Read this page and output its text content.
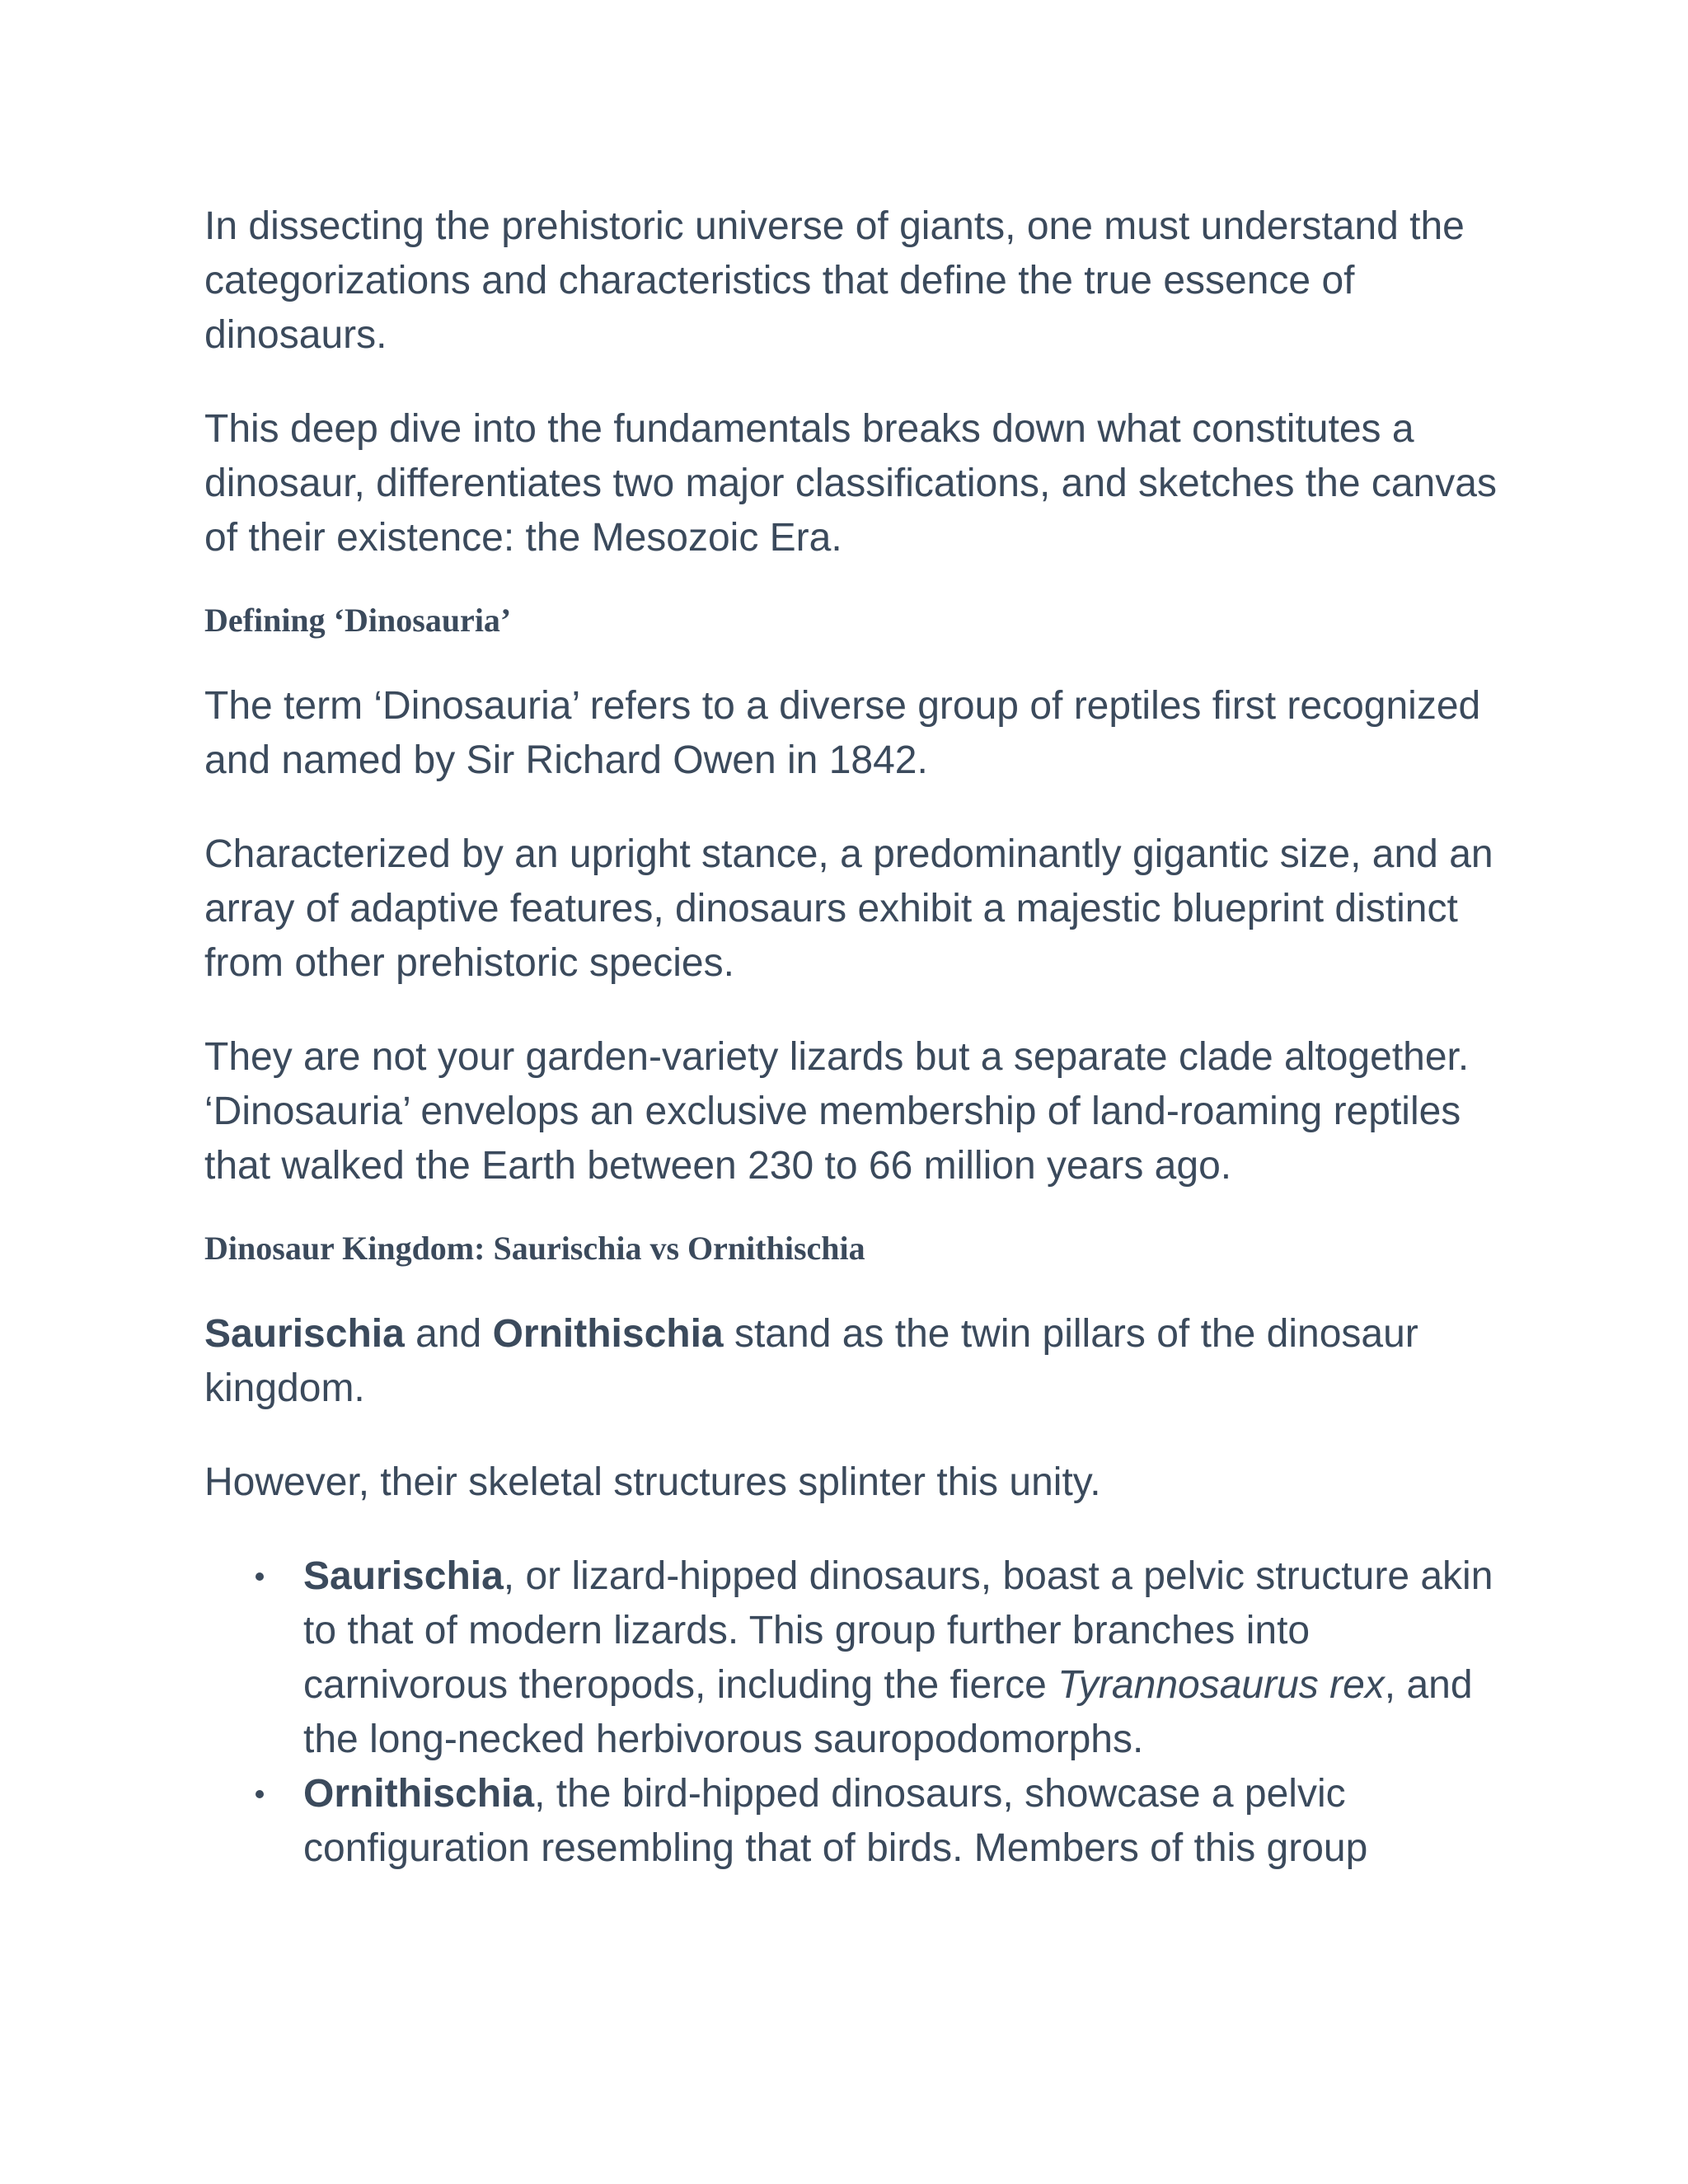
In dissecting the prehistoric universe of giants, one must understand the categorizations and characteristics that define the true essence of dinosaurs.

This deep dive into the fundamentals breaks down what constitutes a dinosaur, differentiates two major classifications, and sketches the canvas of their existence: the Mesozoic Era.

Defining ‘Dinosauria’

The term ‘Dinosauria’ refers to a diverse group of reptiles first recognized and named by Sir Richard Owen in 1842.

Characterized by an upright stance, a predominantly gigantic size, and an array of adaptive features, dinosaurs exhibit a majestic blueprint distinct from other prehistoric species.

They are not your garden-variety lizards but a separate clade altogether. ‘Dinosauria’ envelops an exclusive membership of land-roaming reptiles that walked the Earth between 230 to 66 million years ago.

Dinosaur Kingdom: Saurischia vs Ornithischia

Saurischia and Ornithischia stand as the twin pillars of the dinosaur kingdom.

However, their skeletal structures splinter this unity.

Saurischia, or lizard-hipped dinosaurs, boast a pelvic structure akin to that of modern lizards. This group further branches into carnivorous theropods, including the fierce Tyrannosaurus rex, and the long-necked herbivorous sauropodomorphs.
Ornithischia, the bird-hipped dinosaurs, showcase a pelvic configuration resembling that of birds. Members of this group
